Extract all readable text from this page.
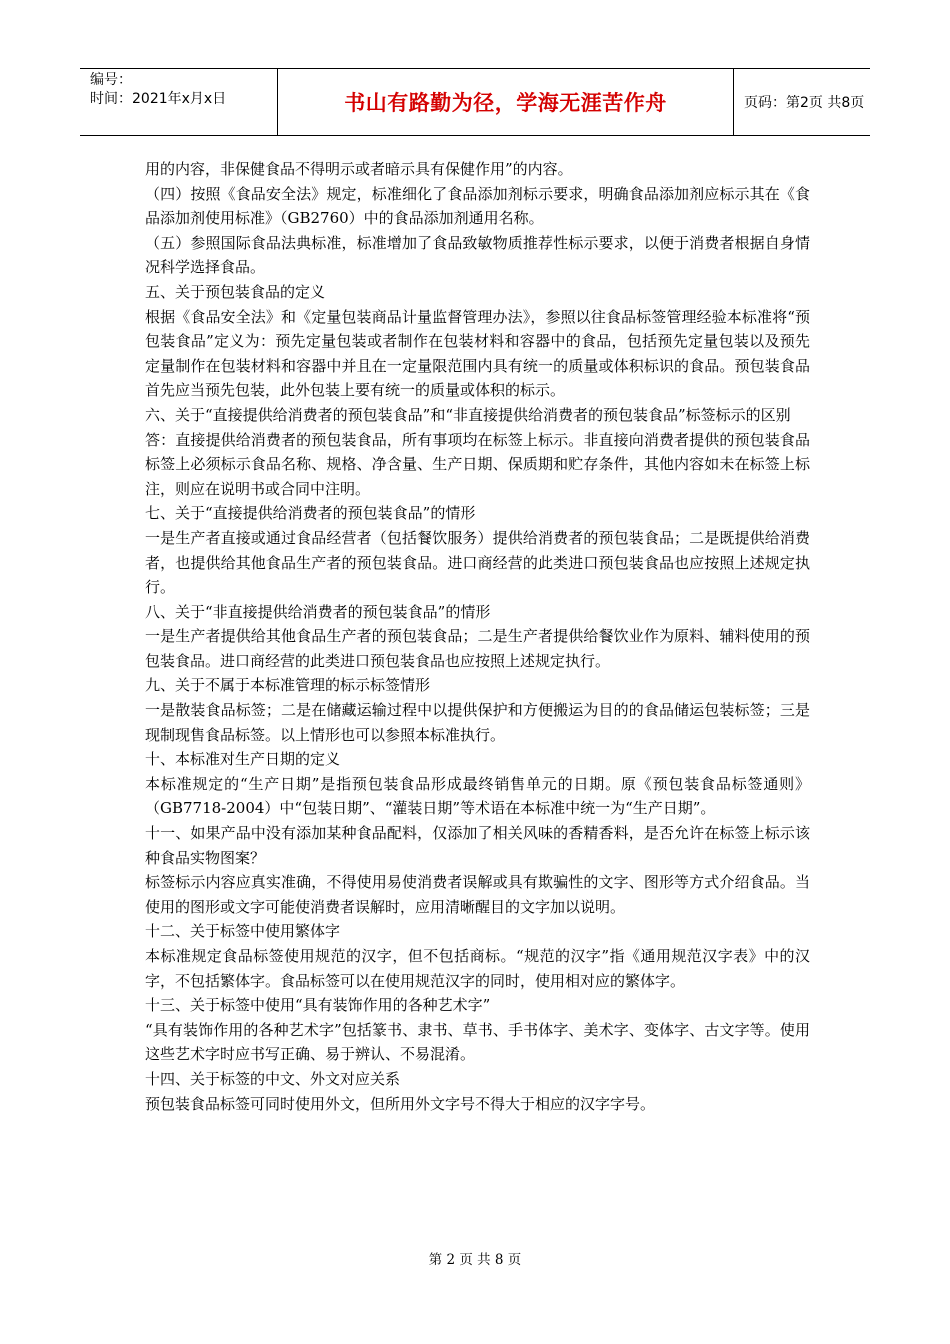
编号：
时间：2021年x月x日	书山有路勤为径，学海无涯苦作舟	页码：第2页 共8页

用的内容，非保健食品不得明示或者暗示具有保健作用”的内容。

（四）按照《食品安全法》规定，标准细化了食品添加剂标示要求，明确食品添加剂应标示其在《食品添加剂使用标准》（GB2760）中的食品添加剂通用名称。

（五）参照国际食品法典标准，标准增加了食品致敏物质推荐性标示要求，以便于消费者根据自身情况科学选择食品。

五、关于预包装食品的定义

根据《食品安全法》和《定量包装商品计量监督管理办法》，参照以往食品标签管理经验本标准将“预包装食品”定义为：预先定量包装或者制作在包装材料和容器中的食品，包括预先定量包装以及预先定量制作在包装材料和容器中并且在一定量限范围内具有统一的质量或体积标识的食品。预包装食品首先应当预先包装，此外包装上要有统一的质量或体积的标示。

六、关于“直接提供给消费者的预包装食品”和“非直接提供给消费者的预包装食品”标签标示的区别

答：直接提供给消费者的预包装食品，所有事项均在标签上标示。非直接向消费者提供的预包装食品标签上必须标示食品名称、规格、净含量、生产日期、保质期和贮存条件，其他内容如未在标签上标注，则应在说明书或合同中注明。

七、关于“直接提供给消费者的预包装食品”的情形

一是生产者直接或通过食品经营者（包括餐饮服务）提供给消费者的预包装食品；二是既提供给消费者，也提供给其他食品生产者的预包装食品。进口商经营的此类进口预包装食品也应按照上述规定执行。

八、关于“非直接提供给消费者的预包装食品”的情形

一是生产者提供给其他食品生产者的预包装食品；二是生产者提供给餐饮业作为原料、辅料使用的预包装食品。进口商经营的此类进口预包装食品也应按照上述规定执行。

九、关于不属于本标准管理的标示标签情形

一是散装食品标签；二是在储藏运输过程中以提供保护和方便搬运为目的的食品储运包装标签；三是现制现售食品标签。以上情形也可以参照本标准执行。

十、本标准对生产日期的定义

本标准规定的“生产日期”是指预包装食品形成最终销售单元的日期。原《预包装食品标签通则》（GB7718-2004）中“包装日期”、“灌装日期”等术语在本标准中统一为“生产日期”。

十一、如果产品中没有添加某种食品配料，仅添加了相关风味的香精香料，是否允许在标签上标示该种食品实物图案？

标签标示内容应真实准确，不得使用易使消费者误解或具有欺骗性的文字、图形等方式介绍食品。当使用的图形或文字可能使消费者误解时，应用清晰醒目的文字加以说明。

十二、关于标签中使用繁体字

本标准规定食品标签使用规范的汉字，但不包括商标。“规范的汉字”指《通用规范汉字表》中的汉字，不包括繁体字。食品标签可以在使用规范汉字的同时，使用相对应的繁体字。

十三、关于标签中使用“具有装饰作用的各种艺术字”

“具有装饰作用的各种艺术字”包括篆书、隶书、草书、手书体字、美术字、变体字、古文字等。使用这些艺术字时应书写正确、易于辨认、不易混淆。

十四、关于标签的中文、外文对应关系

预包装食品标签可同时使用外文，但所用外文字号不得大于相应的汉字字号。

第 2 页 共 8 页
